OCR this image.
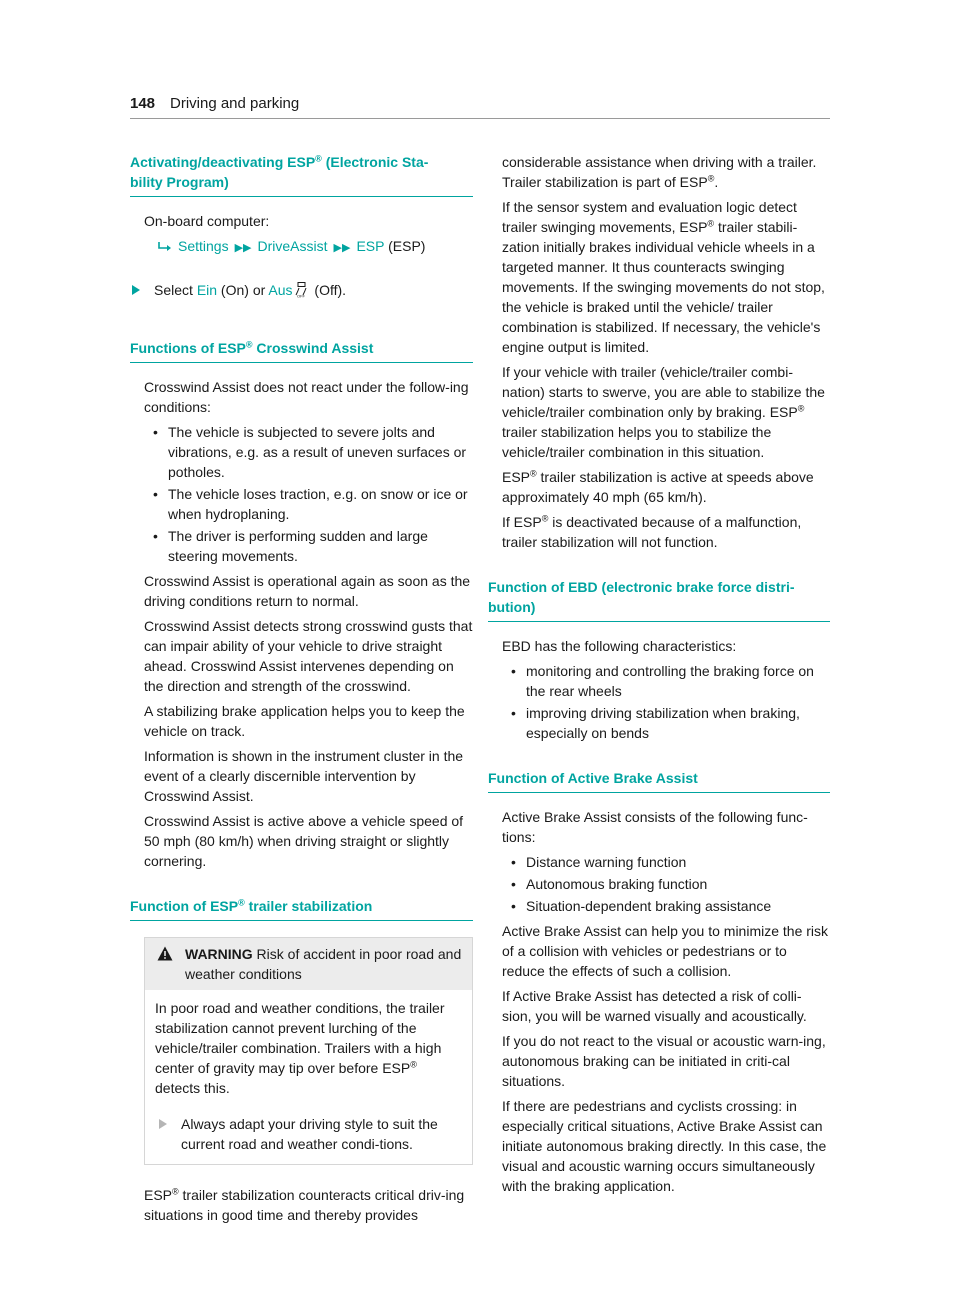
148 Driving and parking
Activating/deactivating ESP® (Electronic Sta-
bility Program)

On-board computer:

Settings ▶▶ DriveAssist ▶▶ ESP (ESP)

Select Ein (On) or Aus OFF (Off).
Functions of ESP® Crosswind Assist

Crosswind Assist does not react under the follow-ing conditions:

• The vehicle is subjected to severe jolts and vibrations, e.g. as a result of uneven surfaces or potholes.
• The vehicle loses traction, e.g. on snow or ice or when hydroplaning.
• The driver is performing sudden and large steering movements.

Crosswind Assist is operational again as soon as the driving conditions return to normal.

Crosswind Assist detects strong crosswind gusts that can impair ability of your vehicle to drive straight ahead. Crosswind Assist intervenes depending on the direction and strength of the crosswind.

A stabilizing brake application helps you to keep the vehicle on track.

Information is shown in the instrument cluster in the event of a clearly discernible intervention by Crosswind Assist.

Crosswind Assist is active above a vehicle speed of 50 mph (80 km/h) when driving straight or slightly cornering.

Function of ESP® trailer stabilization
WARNING Risk of accident in poor road and weather conditions

In poor road and weather conditions, the trailer stabilization cannot prevent lurching of the vehicle/trailer combination. Trailers with a high center of gravity may tip over before ESP® detects this.

Always adapt your driving style to suit the current road and weather condi-tions.

ESP® trailer stabilization counteracts critical driv-ing situations in good time and thereby provides

considerable assistance when driving with a trailer. Trailer stabilization is part of ESP®.

If the sensor system and evaluation logic detect trailer swinging movements, ESP® trailer stabili-zation initially brakes individual vehicle wheels in a targeted manner. It thus counteracts swinging movements. If the swinging movements do not stop, the vehicle is braked until the vehicle/ trailer combination is stabilized. If necessary, the vehicle's engine output is limited.

If your vehicle with trailer (vehicle/trailer combi-nation) starts to swerve, you are able to stabilize the vehicle/trailer combination only by braking. ESP® trailer stabilization helps you to stabilize the vehicle/trailer combination in this situation.

ESP® trailer stabilization is active at speeds above approximately 40 mph (65 km/h).

If ESP® is deactivated because of a malfunction, trailer stabilization will not function.

Function of EBD (electronic brake force distri-
bution)

EBD has the following characteristics:

• monitoring and controlling the braking force on the rear wheels
• improving driving stabilization when braking, especially on bends
Function of Active Brake Assist

Active Brake Assist consists of the following func-tions:

• Distance warning function
• Autonomous braking function
• Situation-dependent braking assistance

Active Brake Assist can help you to minimize the risk of a collision with vehicles or pedestrians or to reduce the effects of such a collision.

If Active Brake Assist has detected a risk of colli-sion, you will be warned visually and acoustically.

If you do not react to the visual or acoustic warn-ing, autonomous braking can be initiated in criti-cal situations.

If there are pedestrians and cyclists crossing: in especially critical situations, Active Brake Assist can initiate autonomous braking directly. In this case, the visual and acoustic warning occurs simultaneously with the braking application.
